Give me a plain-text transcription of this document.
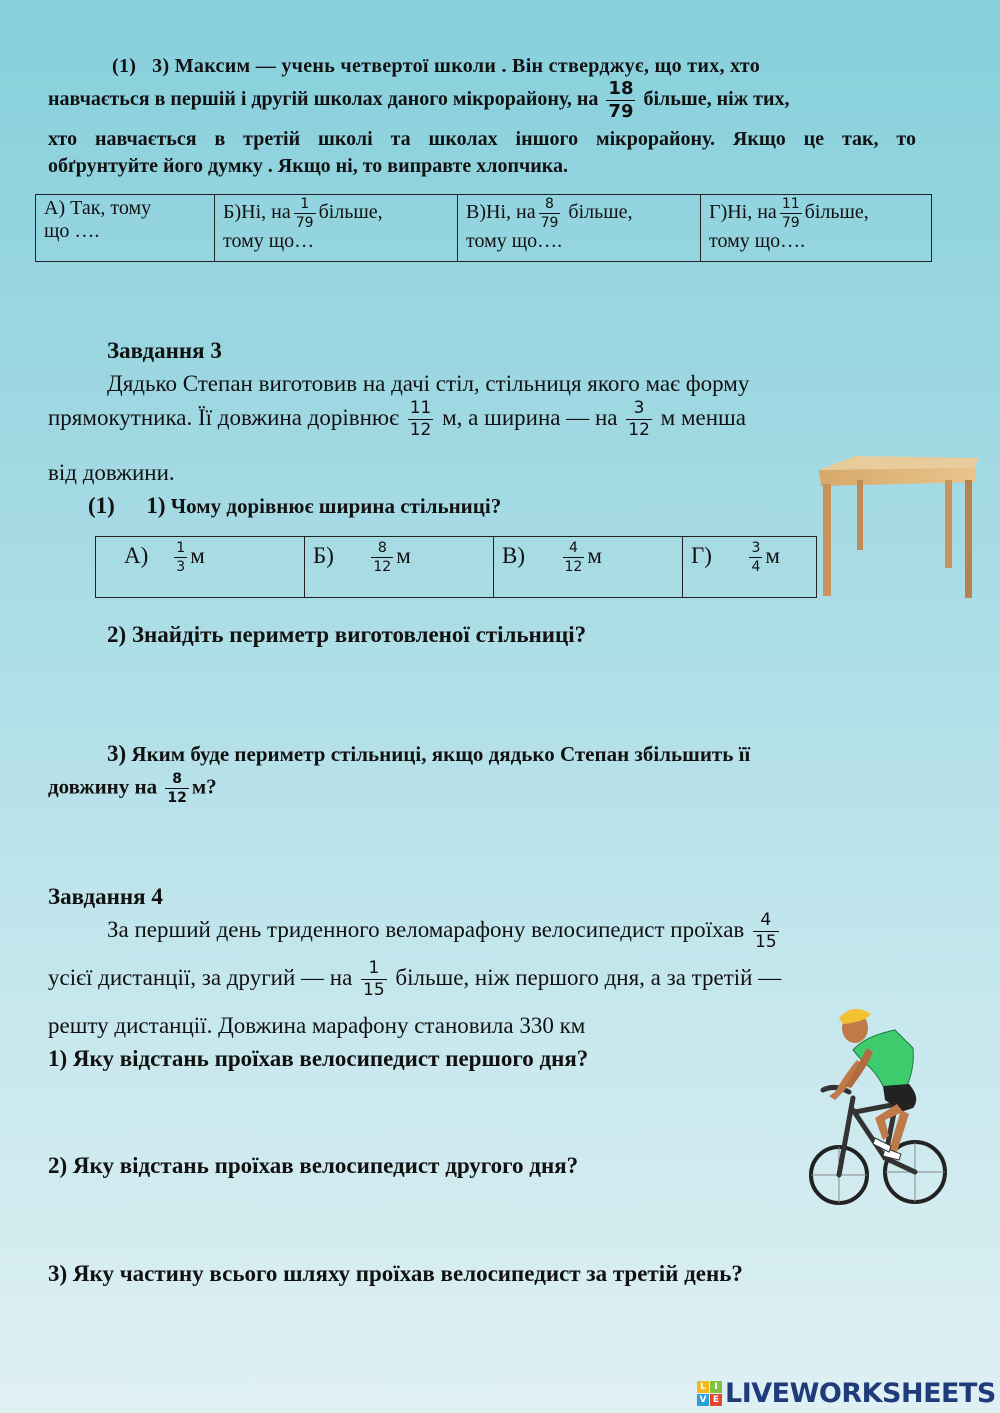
(1) 3) Максим — учень четвертої школи . Він стверджує, що тих, хто
навчається в першій і другій школах даного мікрорайону, на $\frac{18}{79}$ більше, ніж тих,
хто навчається в третій школі та школах іншого мікрорайону. Якщо це так, то
обґрунтуйте його думку . Якщо ні, то виправте хлопчика.
А) Так, тому
що ….

Б)Ні, на $\frac{1}{79}$ більше,
тому що…

В)Ні, на $\frac{8}{79}$ більше,
тому що….

Г)Ні, на $\frac{11}{79}$ більше,
тому що….
Завдання 3
Дядько Степан виготовив на дачі стіл, стільниця якого має форму
прямокутника. Її довжина дорівнює $\frac{11}{12} м$, а ширина — на $\frac{3}{12}$ м менша
від довжини.
(1) 1) Чому дорівнює ширина стільниці?
$А) \frac{1}{3}$ м	Б)	$\frac{8}{12}$ м	В)	$\frac{4}{12}$ м	Г)	$\frac{3}{4}$ м
2) Знайдіть периметр виготовленої стільниці?
3) Яким буде периметр стільниці, якщо дядько Степан збільшить її
довжину на $\frac{8}{12} м$?
Завдання 4
За перший день триденного веломарафону велосипедист проїхав $\frac{4}{15}$
усієї дистанції, за другий — на $\frac{1}{15}$ більше, ніж першого дня, а за третій —
решту дистанції. Довжина марафону становила 330 км
1) Яку відстань проїхав велосипедист першого дня?
2) Яку відстань проїхав велосипедист другого дня?
3) Яку частину всього шляху проїхав велосипедист за третій день?
L I
V E LIVEWORKSHEETS
